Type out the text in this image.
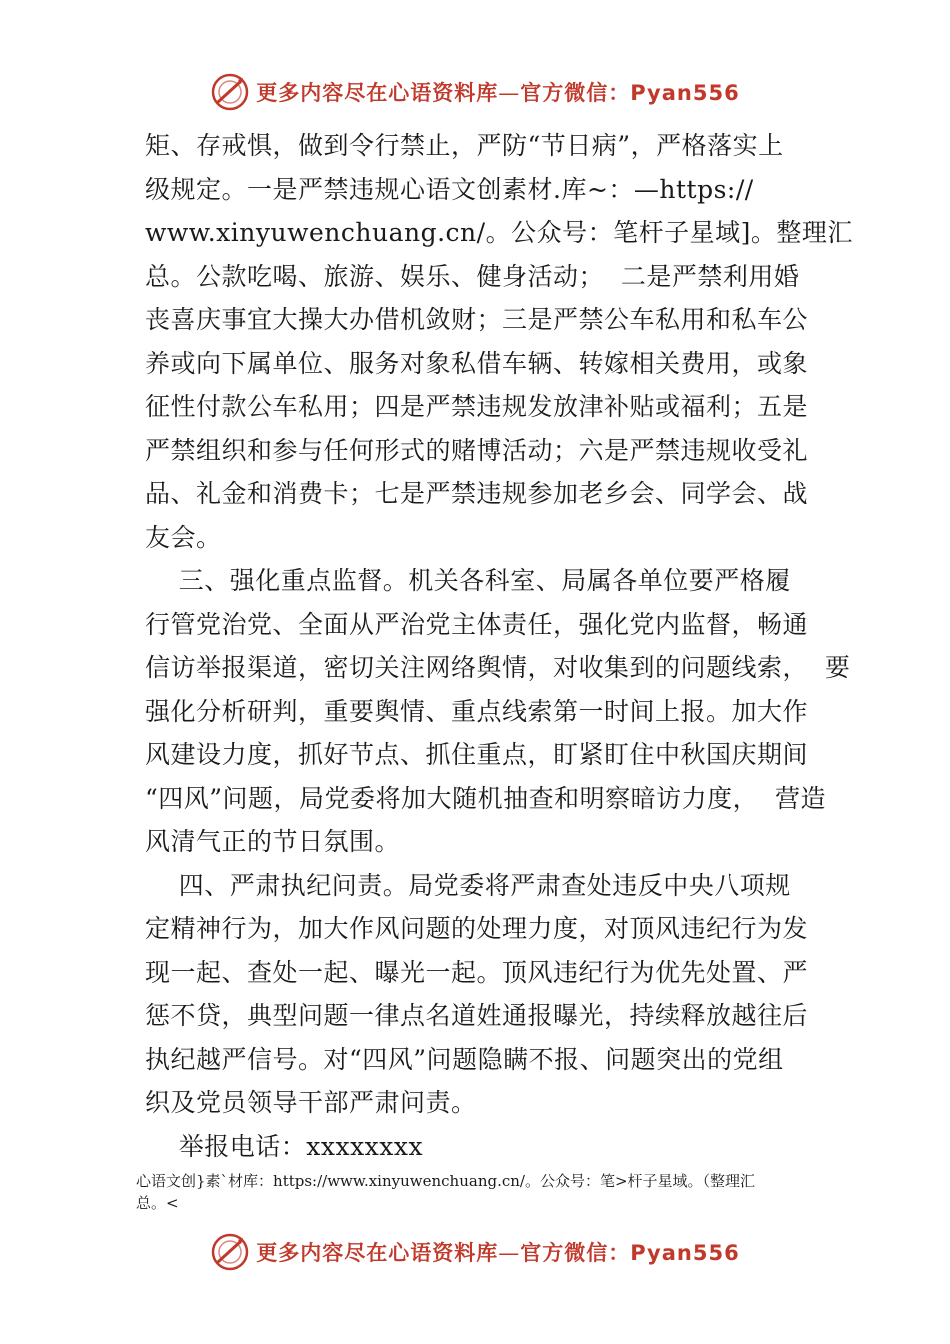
更多内容尽在心语资料库—官方微信：Pyan556
矩、存戒惧，做到令行禁止，严防“节日病”，严格落实上
级规定。一是严禁违规心语文创素材.库~：—https://
www.xinyuwenchuang.cn/。公众号：笔杆子星域]。整理汇
总。公款吃喝、旅游、娱乐、健身活动；  二是严禁利用婚
丧喜庆事宜大操大办借机敛财；三是严禁公车私用和私车公
养或向下属单位、服务对象私借车辆、转嫁相关费用，或象
征性付款公车私用；四是严禁违规发放津补贴或福利；五是
严禁组织和参与任何形式的赌博活动；六是严禁违规收受礼
品、礼金和消费卡；七是严禁违规参加老乡会、同学会、战
友会。
三、强化重点监督。机关各科室、局属各单位要严格履
行管党治党、全面从严治党主体责任，强化党内监督，畅通
信访举报渠道，密切关注网络舆情，对收集到的问题线索，  要
强化分析研判，重要舆情、重点线索第一时间上报。加大作
风建设力度，抓好节点、抓住重点，盯紧盯住中秋国庆期间
“四风”问题，局党委将加大随机抽查和明察暗访力度，  营造
风清气正的节日氛围。
四、严肃执纪问责。局党委将严肃查处违反中央八项规
定精神行为，加大作风问题的处理力度，对顶风违纪行为发
现一起、查处一起、曝光一起。顶风违纪行为优先处置、严
惩不贷，典型问题一律点名道姓通报曝光，持续释放越往后
执纪越严信号。对“四风”问题隐瞒不报、问题突出的党组
织及党员领导干部严肃问责。
举报电话：xxxxxxxx
心语文创}素`材库：https://www.xinyuwenchuang.cn/。公众号：笔>杆子星域。（整理汇
总。<
更多内容尽在心语资料库—官方微信：Pyan556
